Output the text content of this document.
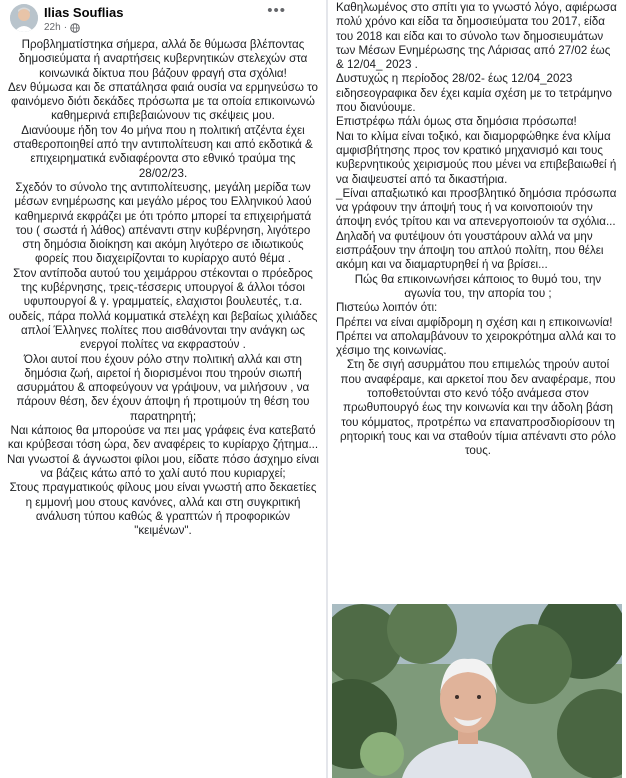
Ilias Souflias
22h ·
•••

Προβληματίστηκα σήμερα, αλλά δε θύμωσα βλέποντας δημοσιεύματα ή αναρτήσεις κυβερνητικών στελεχών στα κοινωνικά δίκτυα που βάζουν φραγή στα σχόλια!

Δεν θύμωσα και δε σπατάλησα φαιά ουσία να ερμηνεύσω το φαινόμενο διότι δεκάδες πρόσωπα με τα οποία επικοινωνώ καθημερινά επιβεβαιώνουν τις σκέψεις μου.

Διανύουμε ήδη τον 4ο μήνα που η πολιτική ατζέντα έχει σταθεροποιηθεί από την αντιπολίτευση και από εκδοτικά & επιχειρηματικά ενδιαφέροντα στο εθνικό τραύμα της 28/02/23.

Σχεδόν το σύνολο της αντιπολίτευσης, μεγάλη μερίδα των μέσων ενημέρωσης και μεγάλο μέρος του Ελληνικού λαού καθημερινά εκφράζει με ότι τρόπο μπορεί τα επιχειρήματά του ( σωστά ή λάθος) απέναντι στην κυβέρνηση, λιγότερο στη δημόσια διοίκηση και ακόμη λιγότερο σε ιδιωτικούς φορείς που διαχειρίζονται το κυρίαρχο αυτό θέμα .

Στον αντίποδα αυτού του χειμάρρου στέκονται ο πρόεδρος της κυβέρνησης, τρεις-τέσσερις υπουργοί & άλλοι τόσοι υφυπουργοί & γ. γραμματείς, ελαχιστοι βουλευτές, τ.α. ουδείς, πάρα πολλά κομματικά στελέχη και βεβαίως χιλιάδες απλοί Έλληνες πολίτες που αισθάνονται την ανάγκη ως ενεργοί πολίτες να εκφραστούν .

Όλοι αυτοί που έχουν ρόλο στην πολιτική αλλά και στη δημόσια ζωή, αιρετοί ή διορισμένοι που τηρούν σιωπή ασυρμάτου & αποφεύγουν να γράψουν, να μιλήσουν , να πάρουν θέση, δεν έχουν άποψη ή προτιμούν τη θέση του παρατηρητή;

Ναι κάποιος θα μπορούσε να πει μας γράφεις ένα κατεβατό και κρύβεσαι τόση ώρα, δεν αναφέρεις το κυρίαρχο ζήτημα...

Ναι γνωστοί & άγνωστοι φίλοι μου, είδατε πόσο άσχημο είναι να βάζεις κάτω από το χαλί αυτό που κυριαρχεί;

Στους πραγματικούς φίλους μου είναι γνωστή απο δεκαετίες η εμμονή μου στους κανόνες, αλλά και στη συγκριτική ανάλυση τύπου καθώς & γραπτών ή προφορικών "κειμένων".

Καθηλωμένος στο σπίτι για το γνωστό λόγο, αφιέρωσα πολύ χρόνο και είδα τα δημοσιεύματα του 2017, είδα του 2018 και είδα και το σύνολο των δημοσιευμάτων των Μέσων Ενημέρωσης της Λάρισας από 27/02 έως & 12/04_ 2023 .

Δυστυχώς η περίοδος 28/02- έως 12/04_2023 ειδησεογραφικα δεν έχει καμία σχέση με το τετράμηνο που διανύουμε.

Επιστρέφω πάλι όμως στα δημόσια πρόσωπα!

Ναι το κλίμα είναι τοξικό, και διαμορφώθηκε ένα κλίμα αμφισβήτησης προς τον κρατικό μηχανισμό και τους κυβερνητικούς χειρισμούς που μένει να επιβεβαιωθεί ή να διαψευστεί από τα δικαστήρια.

_Είναι απαξιωτικό και προσβλητικό δημόσια πρόσωπα να γράφουν την άποψή τους ή να κοινοποιούν την άποψη ενός τρίτου και να απενεργοποιούν τα σχόλια...

Δηλαδή να φυτέψουν ότι γουστάρουν αλλά να μην εισπράξουν την άποψη του απλού πολίτη, που θέλει ακόμη και να διαμαρτυρηθεί ή να βρίσει...

Πώς θα επικοινωνήσει κάποιος το θυμό του, την αγωνία του, την απορία του ;

Πιστεύω λοιπόν ότι:

Πρέπει να είναι αμφίδρομη η σχέση και η επικοινωνία!

Πρέπει να απολαμβάνουν το χειροκρότημα αλλά και το χέσιμο της κοινωνίας.

Στη δε σιγή ασυρμάτου που επιμελώς τηρούν αυτοί που αναφέραμε, και αρκετοί που δεν αναφέραμε, που τοποθετούνται στο κενό τόξο ανάμεσα στον πρωθυπουργό έως την κοινωνία και την άδολη βάση του κόμματος, προτρέπω να επαναπροσδιορίσουν τη ρητορική τους και να σταθούν τίμια απέναντι στο ρόλο τους.
